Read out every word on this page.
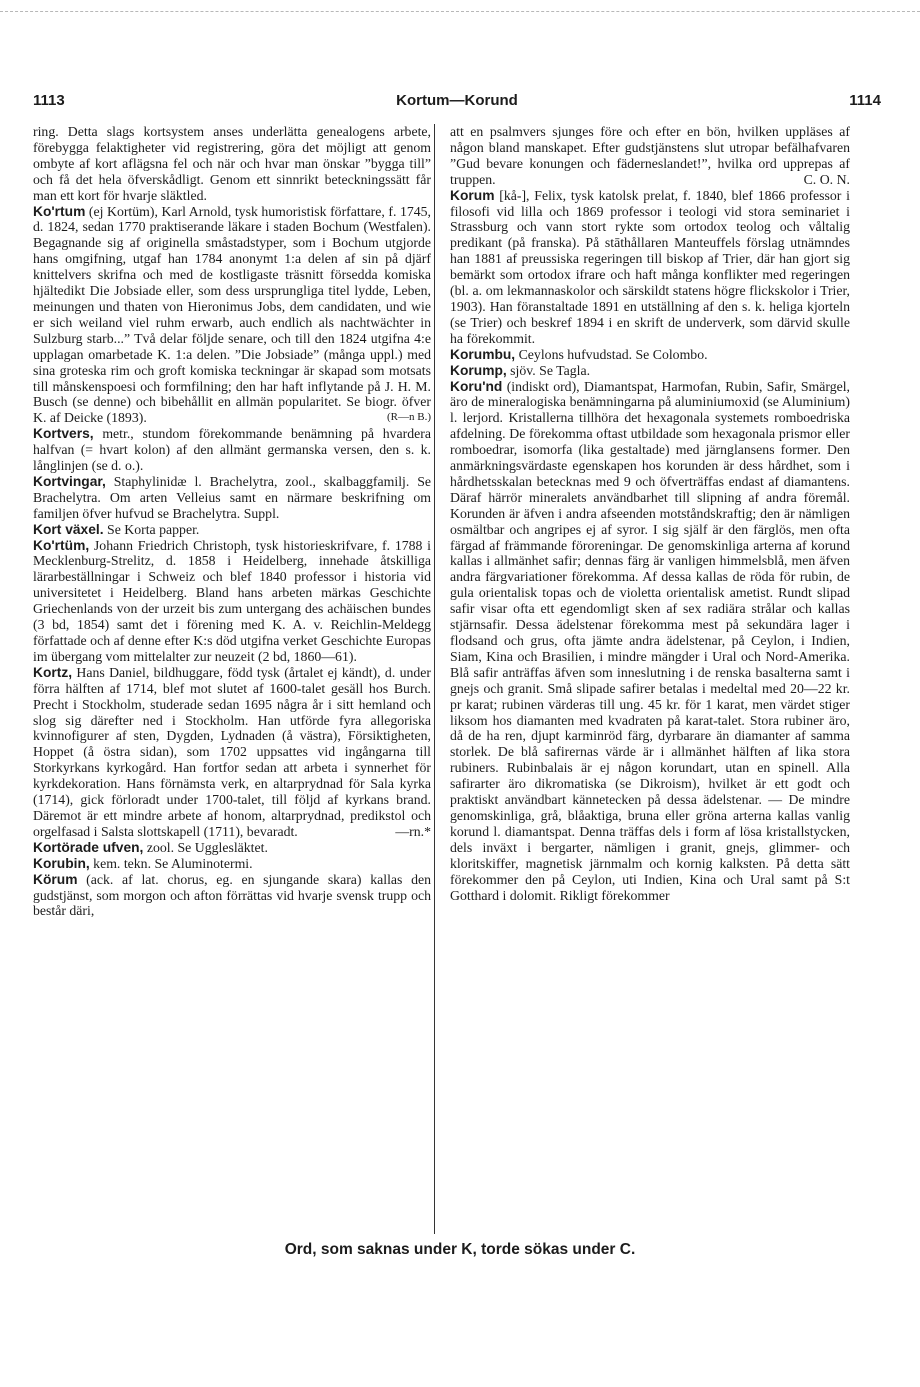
1113	Kortum—Korund	1114

ring. Detta slags kortsystem anses underlätta genealogens arbete, förebygga felaktigheter vid registrering, göra det möjligt att genom ombyte af kort aflägsna fel och när och hvar man önskar ”bygga till” och få det hela öfverskådligt. Genom ett sinnrikt beteckningssätt får man ett kort för hvarje släktled.

Ko'rtum (ej Kortüm), Karl Arnold, tysk humoristisk författare, f. 1745, d. 1824, sedan 1770 praktiserande läkare i staden Bochum (Westfalen). Begagnande sig af originella småstadstyper, som i Bochum utgjorde hans omgifning, utgaf han 1784 anonymt 1:a delen af sin på djärf knittelvers skrifna och med de kostligaste träsnitt försedda komiska hjältedikt Die Jobsiade eller, som dess ursprungliga titel lydde, Leben, meinungen und thaten von Hieronimus Jobs, dem candidaten, und wie er sich weiland viel ruhm erwarb, auch endlich als nachtwächter in Sulzburg starb...” Två delar följde senare, och till den 1824 utgifna 4:e upplagan omarbetade K. 1:a delen. ”Die Jobsiade” (många uppl.) med sina groteska rim och groft komiska teckningar är skapad som motsats till månskenspoesi och formfilning; den har haft inflytande på J. H. M. Busch (se denne) och bibehållit en allmän popularitet. Se biogr. öfver K. af Deicke (1893).	(R—n B.)

Kortvers, metr., stundom förekommande benämning på hvardera halfvan (= hvart kolon) af den allmänt germanska versen, den s. k. långlinjen (se d. o.).

Kortvingar, Staphylinidæ l. Brachelytra, zool., skalbaggfamilj. Se Brachelytra. Om arten Velleius samt en närmare beskrifning om familjen öfver hufvud se Brachelytra. Suppl.

Kort växel. Se Korta papper.

Ko'rtüm, Johann Friedrich Christoph, tysk historieskrifvare, f. 1788 i Mecklenburg-Strelitz, d. 1858 i Heidelberg, innehade åtskilliga lärarbeställningar i Schweiz och blef 1840 professor i historia vid universitetet i Heidelberg. Bland hans arbeten märkas Geschichte Griechenlands von der urzeit bis zum untergang des achäischen bundes (3 bd, 1854) samt det i förening med K. A. v. Reichlin-Meldegg författade och af denne efter K:s död utgifna verket Geschichte Europas im übergang vom mittelalter zur neuzeit (2 bd, 1860—61).

Kortz, Hans Daniel, bildhuggare, född tysk (årtalet ej kändt), d. under förra hälften af 1714, blef mot slutet af 1600-talet gesäll hos Burch. Precht i Stockholm, studerade sedan 1695 några år i sitt hemland och slog sig därefter ned i Stockholm. Han utförde fyra allegoriska kvinnofigurer af sten, Dygden, Lydnaden (å västra), Försiktigheten, Hoppet (å östra sidan), som 1702 uppsattes vid ingångarna till Storkyrkans kyrkogård. Han fortfor sedan att arbeta i synnerhet för kyrkdekoration. Hans förnämsta verk, en altarprydnad för Sala kyrka (1714), gick förloradt under 1700-talet, till följd af kyrkans brand. Däremot är ett mindre arbete af honom, altarprydnad, predikstol och orgelfasad i Salsta slottskapell (1711), bevaradt.	—rn.*

Kortörade ufven, zool. Se Ugglesläktet.

Korubin, kem. tekn. Se Aluminotermi.

Körum (ack. af lat. chorus, eg. en sjungande skara) kallas den gudstjänst, som morgon och afton förrättas vid hvarje svensk trupp och består däri,

att en psalmvers sjunges före och efter en bön, hvilken uppläses af någon bland manskapet. Efter gudstjänstens slut utropar befälhafvaren ”Gud bevare konungen och fäderneslandet!”, hvilka ord upprepas af truppen.	C. O. N.

Korum [kå-], Felix, tysk katolsk prelat, f. 1840, blef 1866 professor i filosofi vid lilla och 1869 professor i teologi vid stora seminariet i Strassburg och vann stort rykte som ortodox teolog och våltalig predikant (på franska). På stāthållaren Manteuffels förslag utnämndes han 1881 af preussiska regeringen till biskop af Trier, där han gjort sig bemärkt som ortodox ifrare och haft många konflikter med regeringen (bl. a. om lekmannaskolor och särskildt statens högre flickskolor i Trier, 1903). Han föranstaltade 1891 en utställning af den s. k. heliga kjorteln (se Trier) och beskref 1894 i en skrift de underverk, som därvid skulle ha förekommit.

Korumbu, Ceylons hufvudstad. Se Colombo.

Korump, sjöv. Se Tagla.

Koru'nd (indiskt ord), Diamantspat, Harmofan, Rubin, Safir, Smärgel, äro de mineralogiska benämningarna på aluminiumoxid (se Aluminium) l. lerjord. Kristallerna tillhöra det hexagonala systemets romboedriska afdelning. De förekomma oftast utbildade som hexagonala prismor eller romboedrar, isomorfa (lika gestaltade) med järnglansens former. Den anmärkningsvärdaste egenskapen hos korunden är dess hårdhet, som i hårdhetsskalan betecknas med 9 och öfverträffas endast af diamantens. Däraf härrör mineralets användbarhet till slipning af andra föremål. Korunden är äfven i andra afseenden motståndskraftig; den är nämligen osmältbar och angripes ej af syror. I sig själf är den färglös, men ofta färgad af främmande föroreningar. De genomskinliga arterna af korund kallas i allmänhet safir; dennas färg är vanligen himmelsblå, men äfven andra färgvariationer förekomma. Af dessa kallas de röda för rubin, de gula orientalisk topas och de violetta orientalisk ametist. Rundt slipad safir visar ofta ett egendomligt sken af sex radiära strålar och kallas stjärnsafir. Dessa ädelstenar förekomma mest på sekundära lager i flodsand och grus, ofta jämte andra ädelstenar, på Ceylon, i Indien, Siam, Kina och Brasilien, i mindre mängder i Ural och Nord-Amerika. Blå safir anträffas äfven som inneslutning i de renska basalterna samt i gnejs och granit. Små slipade safirer betalas i medeltal med 20—22 kr. pr karat; rubinen värderas till ung. 45 kr. för 1 karat, men värdet stiger liksom hos diamanten med kvadraten på karat-talet. Stora rubiner äro, då de ha ren, djupt karminröd färg, dyrbarare än diamanter af samma storlek. De blå safirernas värde är i allmänhet hälften af lika stora rubiners. Rubinbalais är ej någon korundart, utan en spinell. Alla safirarter äro dikromatiska (se Dikroism), hvilket är ett godt och praktiskt användbart kännetecken på dessa ädelstenar. — De mindre genomskinliga, grå, blåaktiga, bruna eller gröna arterna kallas vanlig korund l. diamantspat. Denna träffas dels i form af lösa kristallstycken, dels inväxt i bergarter, nämligen i granit, gnejs, glimmer- och kloritskiffer, magnetisk järnmalm och kornig kalksten. På detta sätt förekommer den på Ceylon, uti Indien, Kina och Ural samt på S:t Gotthard i dolomit. Rikligt förekommer

Ord, som saknas under K, torde sökas under C.
